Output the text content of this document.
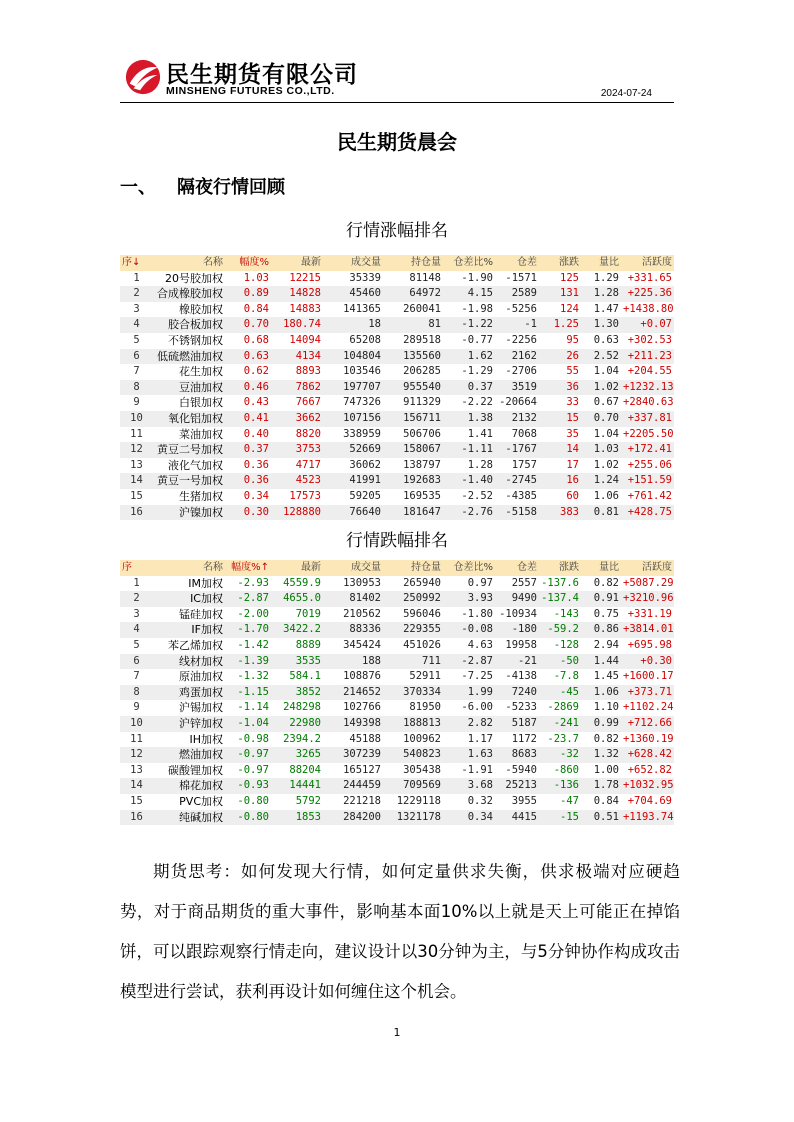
民生期货有限公司
MINSHENG FUTURES CO.,LTD.	2024-07-24
民生期货晨会
一、 隔夜行情回顾
行情涨幅排名
序↓	名称	幅度%	最新	成交量	持仓量	仓差比%	仓差	涨跌	量比	活跃度
1	20号胶加权	1.03	12215	35339	81148	-1.90	-1571	125	1.29	+331.65
2	合成橡胶加权	0.89	14828	45460	64972	4.15	2589	131	1.28	+225.36
3	橡胶加权	0.84	14883	141365	260041	-1.98	-5256	124	1.47	+1438.80
4	胶合板加权	0.70	180.74	18	81	-1.22	-1	1.25	1.30	+0.07
5	不锈钢加权	0.68	14094	65208	289518	-0.77	-2256	95	0.63	+302.53
6	低硫燃油加权	0.63	4134	104804	135560	1.62	2162	26	2.52	+211.23
7	花生加权	0.62	8893	103546	206285	-1.29	-2706	55	1.04	+204.55
8	豆油加权	0.46	7862	197707	955540	0.37	3519	36	1.02	+1232.13
9	白银加权	0.43	7667	747326	911329	-2.22	-20664	33	0.67	+2840.63
10	氧化铝加权	0.41	3662	107156	156711	1.38	2132	15	0.70	+337.81
11	菜油加权	0.40	8820	338959	506706	1.41	7068	35	1.04	+2205.50
12	黄豆二号加权	0.37	3753	52669	158067	-1.11	-1767	14	1.03	+172.41
13	液化气加权	0.36	4717	36062	138797	1.28	1757	17	1.02	+255.06
14	黄豆一号加权	0.36	4523	41991	192683	-1.40	-2745	16	1.24	+151.59
15	生猪加权	0.34	17573	59205	169535	-2.52	-4385	60	1.06	+761.42
16	沪镍加权	0.30	128880	76640	181647	-2.76	-5158	383	0.81	+428.75
行情跌幅排名
序	名称	幅度%↑	最新	成交量	持仓量	仓差比%	仓差	涨跌	量比	活跃度
1	IM加权	-2.93	4559.9	130953	265940	0.97	2557	-137.6	0.82	+5087.29
2	IC加权	-2.87	4655.0	81402	250992	3.93	9490	-137.4	0.91	+3210.96
3	锰硅加权	-2.00	7019	210562	596046	-1.80	-10934	-143	0.75	+331.19
4	IF加权	-1.70	3422.2	88336	229355	-0.08	-180	-59.2	0.86	+3814.01
5	苯乙烯加权	-1.42	8889	345424	451026	4.63	19958	-128	2.94	+695.98
6	线材加权	-1.39	3535	188	711	-2.87	-21	-50	1.44	+0.30
7	原油加权	-1.32	584.1	108876	52911	-7.25	-4138	-7.8	1.45	+1600.17
8	鸡蛋加权	-1.15	3852	214652	370334	1.99	7240	-45	1.06	+373.71
9	沪锡加权	-1.14	248298	102766	81950	-6.00	-5233	-2869	1.10	+1102.24
10	沪锌加权	-1.04	22980	149398	188813	2.82	5187	-241	0.99	+712.66
11	IH加权	-0.98	2394.2	45188	100962	1.17	1172	-23.7	0.82	+1360.19
12	燃油加权	-0.97	3265	307239	540823	1.63	8683	-32	1.32	+628.42
13	碳酸锂加权	-0.97	88204	165127	305438	-1.91	-5940	-860	1.00	+652.82
14	棉花加权	-0.93	14441	244459	709569	3.68	25213	-136	1.78	+1032.95
15	PVC加权	-0.80	5792	221218	1229118	0.32	3955	-47	0.84	+704.69
16	纯碱加权	-0.80	1853	284200	1321178	0.34	4415	-15	0.51	+1193.74

期货思考：如何发现大行情，如何定量供求失衡，供求极端对应硬趋势，对于商品期货的重大事件，影响基本面10%以上就是天上可能正在掉馅饼，可以跟踪观察行情走向，建议设计以30分钟为主，与5分钟协作构成攻击模型进行尝试，获利再设计如何缠住这个机会。

1
